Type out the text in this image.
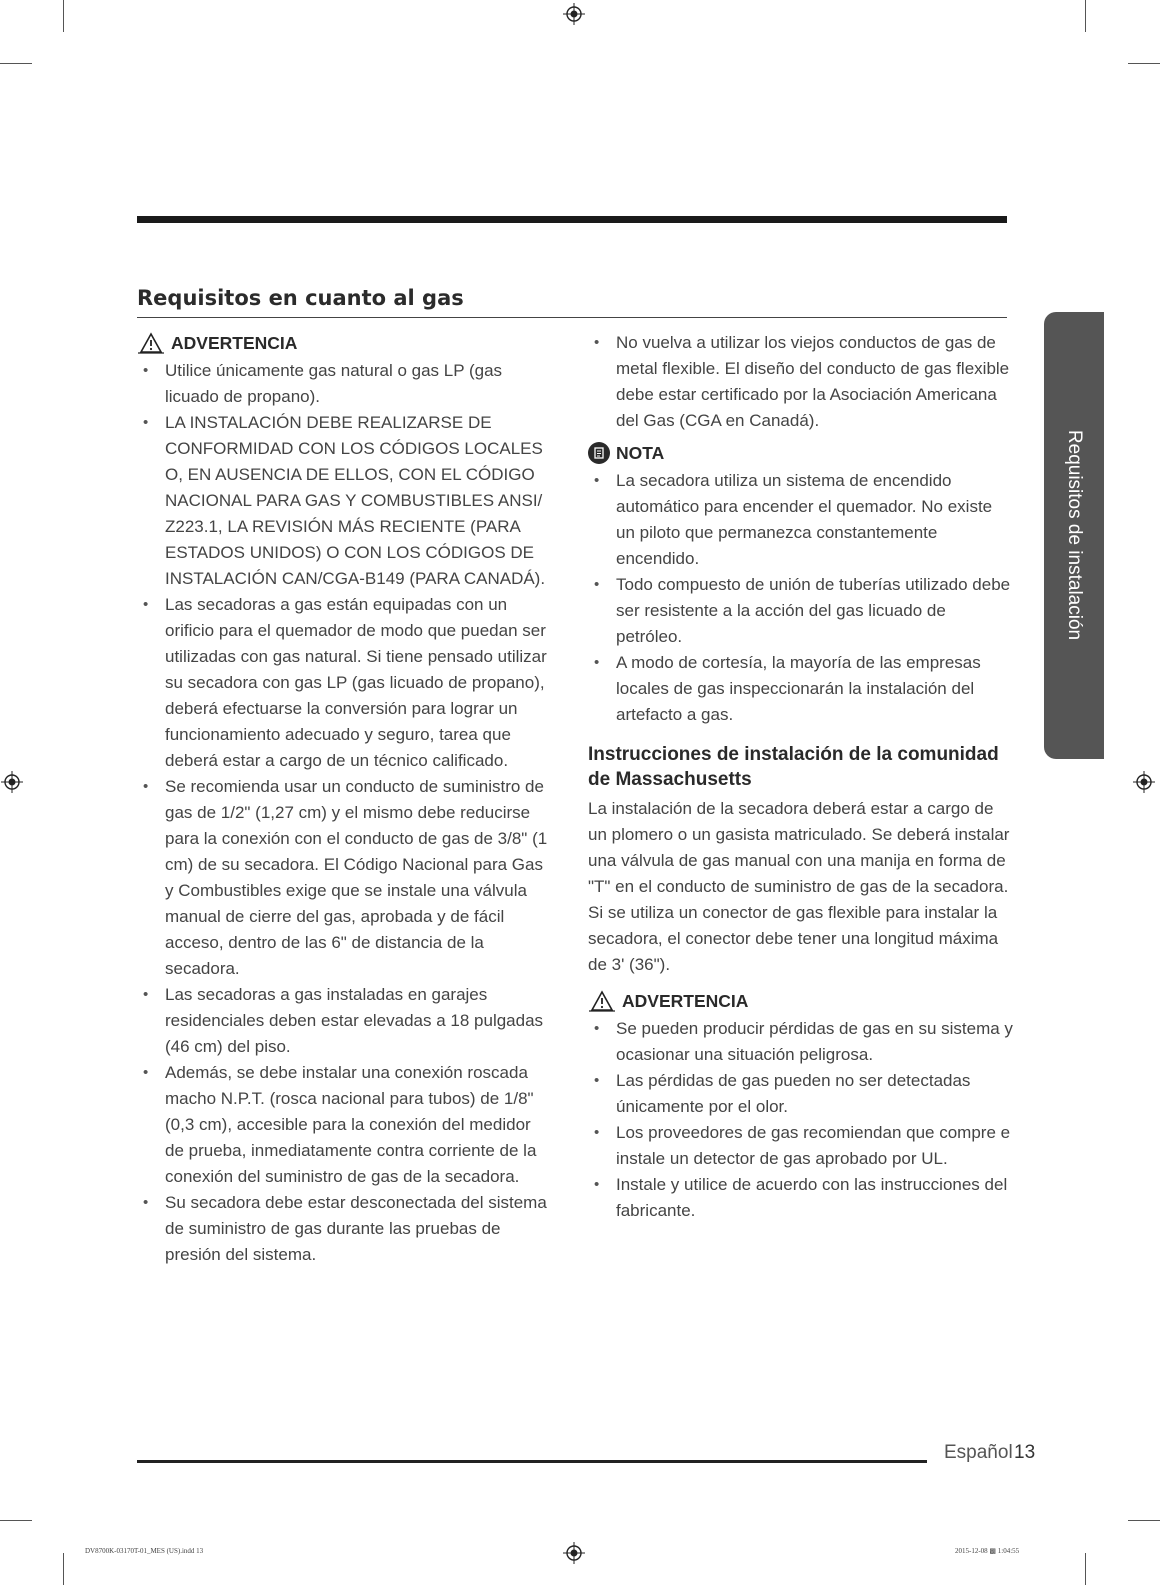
Requisitos en cuanto al gas
ADVERTENCIA
• Utilice únicamente gas natural o gas LP (gas licuado de propano).
• LA INSTALACIÓN DEBE REALIZARSE DE CONFORMIDAD CON LOS CÓDIGOS LOCALES O, EN AUSENCIA DE ELLOS, CON EL CÓDIGO NACIONAL PARA GAS Y COMBUSTIBLES ANSI/ Z223.1, LA REVISIÓN MÁS RECIENTE (PARA ESTADOS UNIDOS) O CON LOS CÓDIGOS DE INSTALACIÓN CAN/CGA-B149 (PARA CANADÁ).
• Las secadoras a gas están equipadas con un orificio para el quemador de modo que puedan ser utilizadas con gas natural. Si tiene pensado utilizar su secadora con gas LP (gas licuado de propano), deberá efectuarse la conversión para lograr un funcionamiento adecuado y seguro, tarea que deberá estar a cargo de un técnico calificado.
• Se recomienda usar un conducto de suministro de gas de 1/2" (1,27 cm) y el mismo debe reducirse para la conexión con el conducto de gas de 3/8" (1 cm) de su secadora. El Código Nacional para Gas y Combustibles exige que se instale una válvula manual de cierre del gas, aprobada y de fácil acceso, dentro de las 6" de distancia de la secadora.
• Las secadoras a gas instaladas en garajes residenciales deben estar elevadas a 18 pulgadas (46 cm) del piso.
• Además, se debe instalar una conexión roscada macho N.P.T. (rosca nacional para tubos) de 1/8" (0,3 cm), accesible para la conexión del medidor de prueba, inmediatamente contra corriente de la conexión del suministro de gas de la secadora.
• Su secadora debe estar desconectada del sistema de suministro de gas durante las pruebas de presión del sistema.
• No vuelva a utilizar los viejos conductos de gas de metal flexible. El diseño del conducto de gas flexible debe estar certificado por la Asociación Americana del Gas (CGA en Canadá).
NOTA
• La secadora utiliza un sistema de encendido automático para encender el quemador. No existe un piloto que permanezca constantemente encendido.
• Todo compuesto de unión de tuberías utilizado debe ser resistente a la acción del gas licuado de petróleo.
• A modo de cortesía, la mayoría de las empresas locales de gas inspeccionarán la instalación del artefacto a gas.
Instrucciones de instalación de la comunidad de Massachusetts

La instalación de la secadora deberá estar a cargo de un plomero o un gasista matriculado. Se deberá instalar una válvula de gas manual con una manija en forma de "T" en el conducto de suministro de gas de la secadora. Si se utiliza un conector de gas flexible para instalar la secadora, el conector debe tener una longitud máxima de 3' (36").

ADVERTENCIA
• Se pueden producir pérdidas de gas en su sistema y ocasionar una situación peligrosa.
• Las pérdidas de gas pueden no ser detectadas únicamente por el olor.
• Los proveedores de gas recomiendan que compre e instale un detector de gas aprobado por UL.
• Instale y utilice de acuerdo con las instrucciones del fabricante.
Requisitos de instalación
Español 13
DV8700K-03170T-01_MES (US).indd 13	2015-12-08 ▩ 1:04:55
